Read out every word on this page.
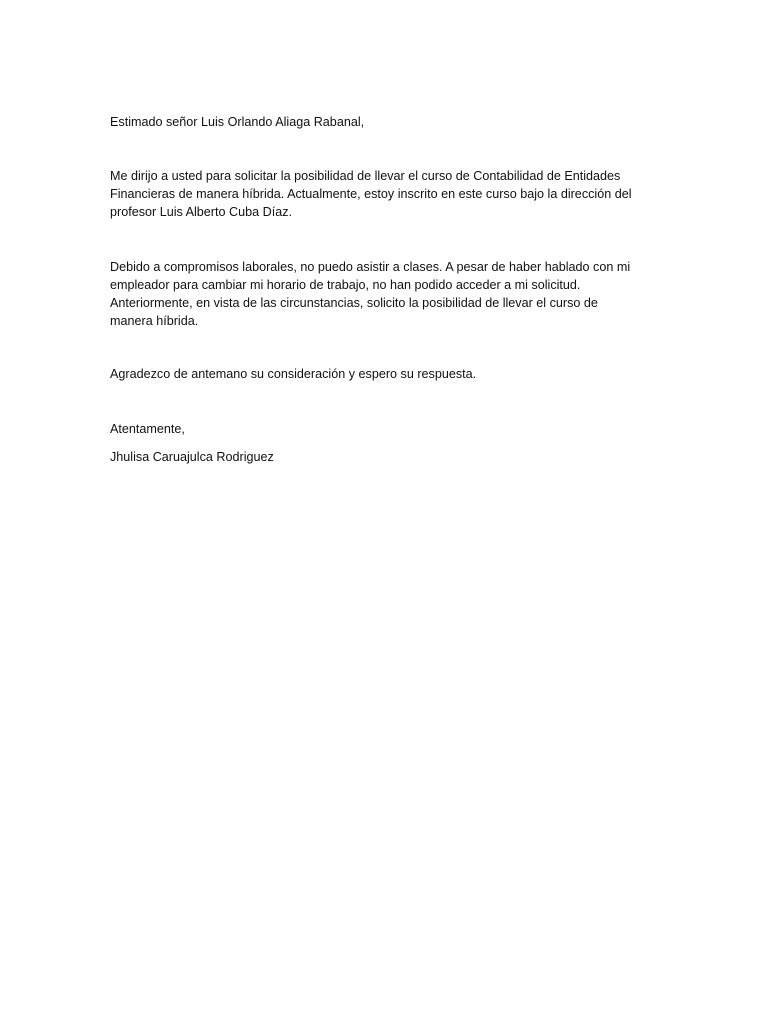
Estimado señor Luis Orlando Aliaga Rabanal,

Me dirijo a usted para solicitar la posibilidad de llevar el curso de Contabilidad de Entidades
Financieras de manera híbrida. Actualmente, estoy inscrito en este curso bajo la dirección del
profesor Luis Alberto Cuba Díaz.

Debido a compromisos laborales, no puedo asistir a clases. A pesar de haber hablado con mi
empleador para cambiar mi horario de trabajo, no han podido acceder a mi solicitud.
Anteriormente, en vista de las circunstancias, solicito la posibilidad de llevar el curso de
manera híbrida.

Agradezco de antemano su consideración y espero su respuesta.

Atentamente,

Jhulisa Caruajulca Rodriguez
